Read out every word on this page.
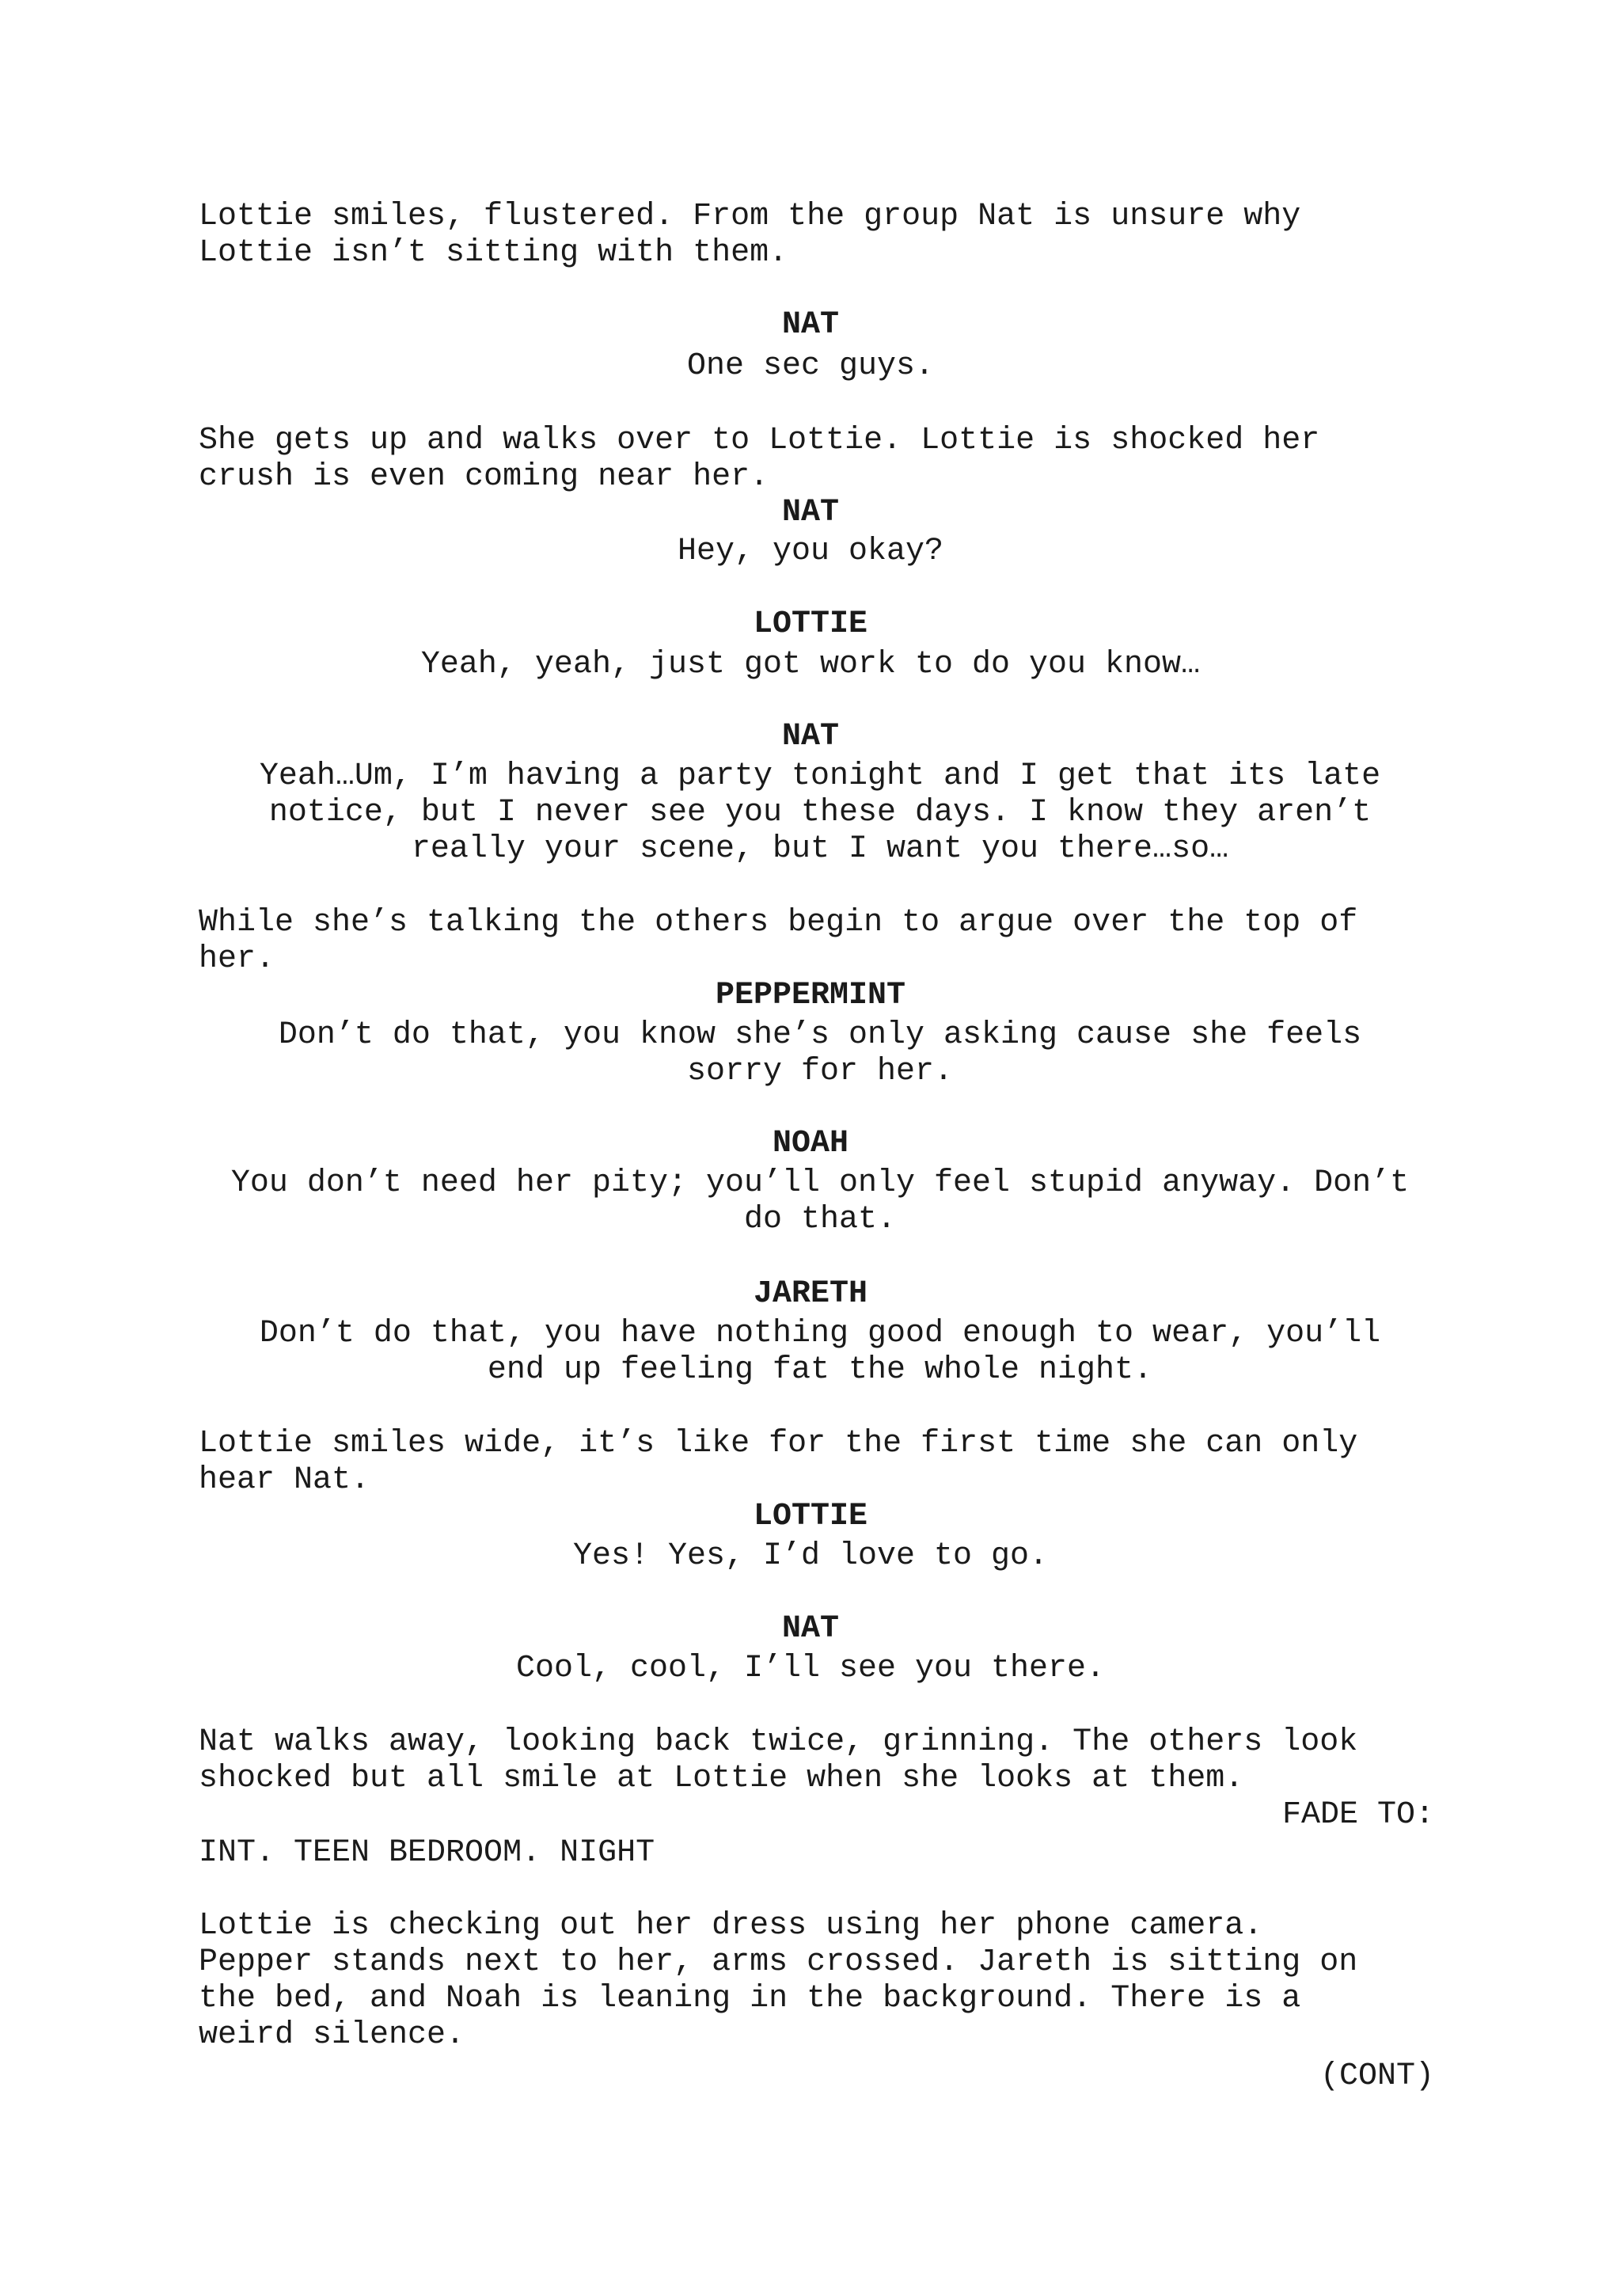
Lottie smiles, flustered. From the group Nat is unsure why
Lottie isn’t sitting with them.
NAT
One sec guys.
She gets up and walks over to Lottie. Lottie is shocked her
crush is even coming near her.
NAT
Hey, you okay?
LOTTIE
Yeah, yeah, just got work to do you know…
NAT
Yeah…Um, I’m having a party tonight and I get that its late
notice, but I never see you these days. I know they aren’t
really your scene, but I want you there…so…
While she’s talking the others begin to argue over the top of
her.
PEPPERMINT
Don’t do that, you know she’s only asking cause she feels
sorry for her.
NOAH
You don’t need her pity; you’ll only feel stupid anyway. Don’t
do that.
JARETH
Don’t do that, you have nothing good enough to wear, you’ll
end up feeling fat the whole night.
Lottie smiles wide, it’s like for the first time she can only
hear Nat.
LOTTIE
Yes! Yes, I’d love to go.
NAT
Cool, cool, I’ll see you there.
Nat walks away, looking back twice, grinning. The others look
shocked but all smile at Lottie when she looks at them.
FADE TO:
INT. TEEN BEDROOM. NIGHT
Lottie is checking out her dress using her phone camera.
Pepper stands next to her, arms crossed. Jareth is sitting on
the bed, and Noah is leaning in the background. There is a
weird silence.
(CONT)
